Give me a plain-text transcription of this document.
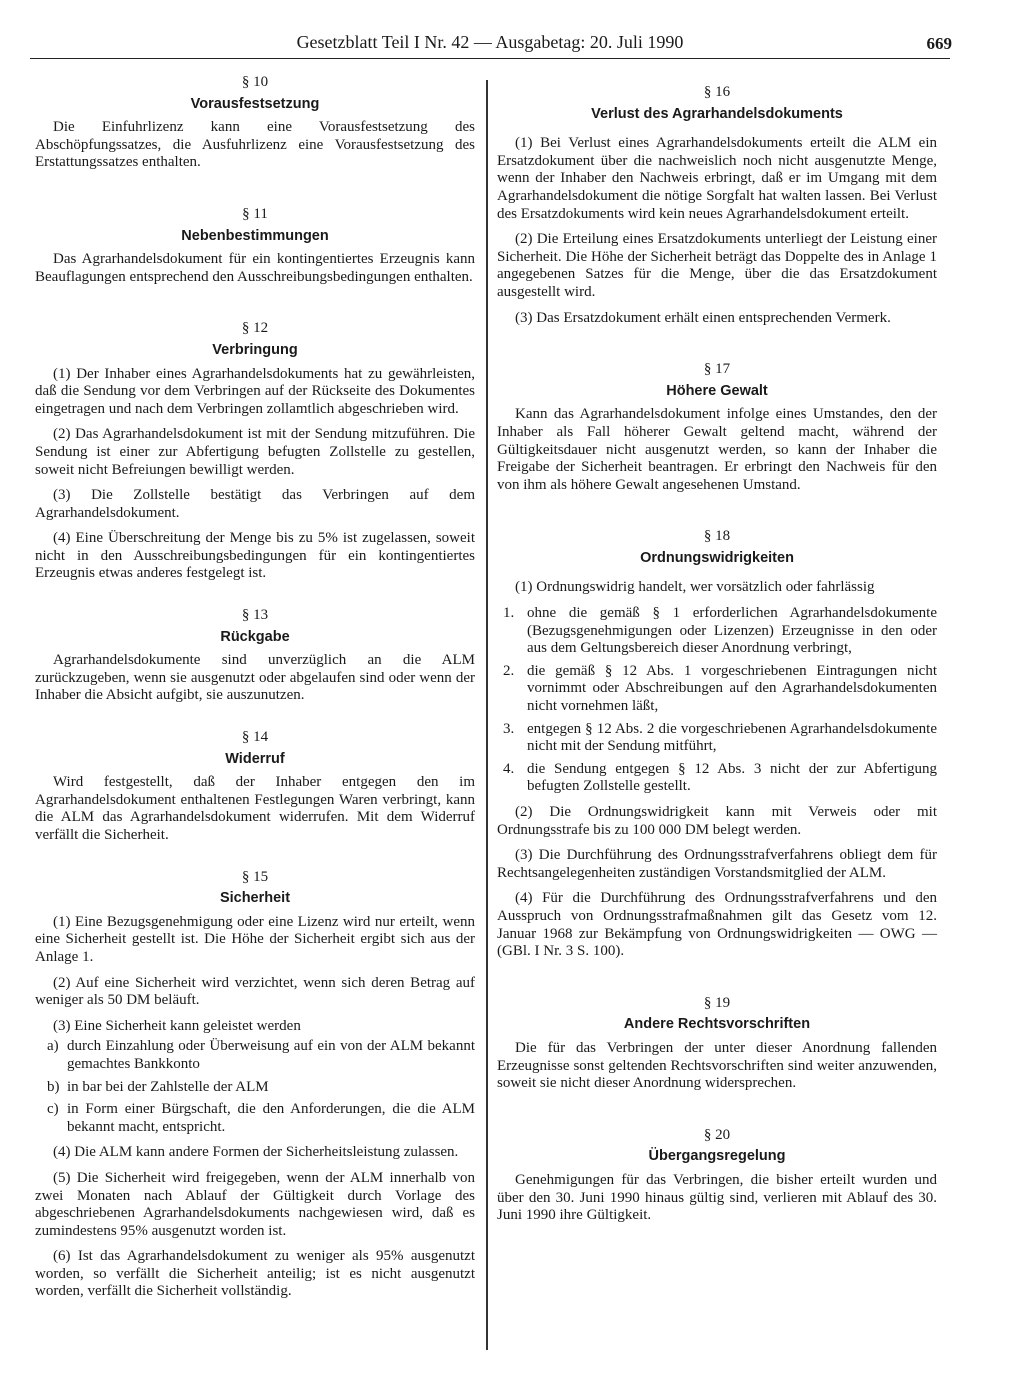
Gesetzblatt Teil I Nr. 42 — Ausgabetag: 20. Juli 1990	669
§ 10
Vorausfestsetzung

Die Einfuhrlizenz kann eine Vorausfestsetzung des Abschöpfungssatzes, die Ausfuhrlizenz eine Vorausfestsetzung des Erstattungssatzes enthalten.

§ 11
Nebenbestimmungen

Das Agrarhandelsdokument für ein kontingentiertes Erzeugnis kann Beauflagungen entsprechend den Ausschreibungsbedingungen enthalten.

§ 12
Verbringung

(1) Der Inhaber eines Agrarhandelsdokuments hat zu gewährleisten, daß die Sendung vor dem Verbringen auf der Rückseite des Dokumentes eingetragen und nach dem Verbringen zollamtlich abgeschrieben wird.

(2) Das Agrarhandelsdokument ist mit der Sendung mitzuführen. Die Sendung ist einer zur Abfertigung befugten Zollstelle zu gestellen, soweit nicht Befreiungen bewilligt werden.

(3) Die Zollstelle bestätigt das Verbringen auf dem Agrarhandelsdokument.

(4) Eine Überschreitung der Menge bis zu 5% ist zugelassen, soweit nicht in den Ausschreibungsbedingungen für ein kontingentiertes Erzeugnis etwas anderes festgelegt ist.

§ 13
Rückgabe

Agrarhandelsdokumente sind unverzüglich an die ALM zurückzugeben, wenn sie ausgenutzt oder abgelaufen sind oder wenn der Inhaber die Absicht aufgibt, sie auszunutzen.

§ 14
Widerruf

Wird festgestellt, daß der Inhaber entgegen den im Agrarhandelsdokument enthaltenen Festlegungen Waren verbringt, kann die ALM das Agrarhandelsdokument widerrufen. Mit dem Widerruf verfällt die Sicherheit.

§ 15
Sicherheit

(1) Eine Bezugsgenehmigung oder eine Lizenz wird nur erteilt, wenn eine Sicherheit gestellt ist. Die Höhe der Sicherheit ergibt sich aus der Anlage 1.

(2) Auf eine Sicherheit wird verzichtet, wenn sich deren Betrag auf weniger als 50 DM beläuft.

(3) Eine Sicherheit kann geleistet werden

a) durch Einzahlung oder Überweisung auf ein von der ALM bekannt gemachtes Bankkonto
b) in bar bei der Zahlstelle der ALM
c) in Form einer Bürgschaft, die den Anforderungen, die die ALM bekannt macht, entspricht.

(4) Die ALM kann andere Formen der Sicherheitsleistung zulassen.

(5) Die Sicherheit wird freigegeben, wenn der ALM innerhalb von zwei Monaten nach Ablauf der Gültigkeit durch Vorlage des abgeschriebenen Agrarhandelsdokuments nachgewiesen wird, daß es zumindestens 95% ausgenutzt worden ist.

(6) Ist das Agrarhandelsdokument zu weniger als 95% ausgenutzt worden, so verfällt die Sicherheit anteilig; ist es nicht ausgenutzt worden, verfällt die Sicherheit vollständig.

§ 16
Verlust des Agrarhandelsdokuments

(1) Bei Verlust eines Agrarhandelsdokuments erteilt die ALM ein Ersatzdokument über die nachweislich noch nicht ausgenutzte Menge, wenn der Inhaber den Nachweis erbringt, daß er im Umgang mit dem Agrarhandelsdokument die nötige Sorgfalt hat walten lassen. Bei Verlust des Ersatzdokuments wird kein neues Agrarhandelsdokument erteilt.

(2) Die Erteilung eines Ersatzdokuments unterliegt der Leistung einer Sicherheit. Die Höhe der Sicherheit beträgt das Doppelte des in Anlage 1 angegebenen Satzes für die Menge, über die das Ersatzdokument ausgestellt wird.

(3) Das Ersatzdokument erhält einen entsprechenden Vermerk.

§ 17
Höhere Gewalt

Kann das Agrarhandelsdokument infolge eines Umstandes, den der Inhaber als Fall höherer Gewalt geltend macht, während der Gültigkeitsdauer nicht ausgenutzt werden, so kann der Inhaber die Freigabe der Sicherheit beantragen. Er erbringt den Nachweis für den von ihm als höhere Gewalt angesehenen Umstand.

§ 18
Ordnungswidrigkeiten

(1) Ordnungswidrig handelt, wer vorsätzlich oder fahrlässig

1. ohne die gemäß § 1 erforderlichen Agrarhandelsdokumente (Bezugsgenehmigungen oder Lizenzen) Erzeugnisse in den oder aus dem Geltungsbereich dieser Anordnung verbringt,
2. die gemäß § 12 Abs. 1 vorgeschriebenen Eintragungen nicht vornimmt oder Abschreibungen auf den Agrarhandelsdokumenten nicht vornehmen läßt,
3. entgegen § 12 Abs. 2 die vorgeschriebenen Agrarhandelsdokumente nicht mit der Sendung mitführt,
4. die Sendung entgegen § 12 Abs. 3 nicht der zur Abfertigung befugten Zollstelle gestellt.

(2) Die Ordnungswidrigkeit kann mit Verweis oder mit Ordnungsstrafe bis zu 100 000 DM belegt werden.

(3) Die Durchführung des Ordnungsstrafverfahrens obliegt dem für Rechtsangelegenheiten zuständigen Vorstandsmitglied der ALM.

(4) Für die Durchführung des Ordnungsstrafverfahrens und den Ausspruch von Ordnungsstrafmaßnahmen gilt das Gesetz vom 12. Januar 1968 zur Bekämpfung von Ordnungswidrigkeiten — OWG — (GBl. I Nr. 3 S. 100).

§ 19
Andere Rechtsvorschriften

Die für das Verbringen der unter dieser Anordnung fallenden Erzeugnisse sonst geltenden Rechtsvorschriften sind weiter anzuwenden, soweit sie nicht dieser Anordnung widersprechen.

§ 20
Übergangsregelung

Genehmigungen für das Verbringen, die bisher erteilt wurden und über den 30. Juni 1990 hinaus gültig sind, verlieren mit Ablauf des 30. Juni 1990 ihre Gültigkeit.
